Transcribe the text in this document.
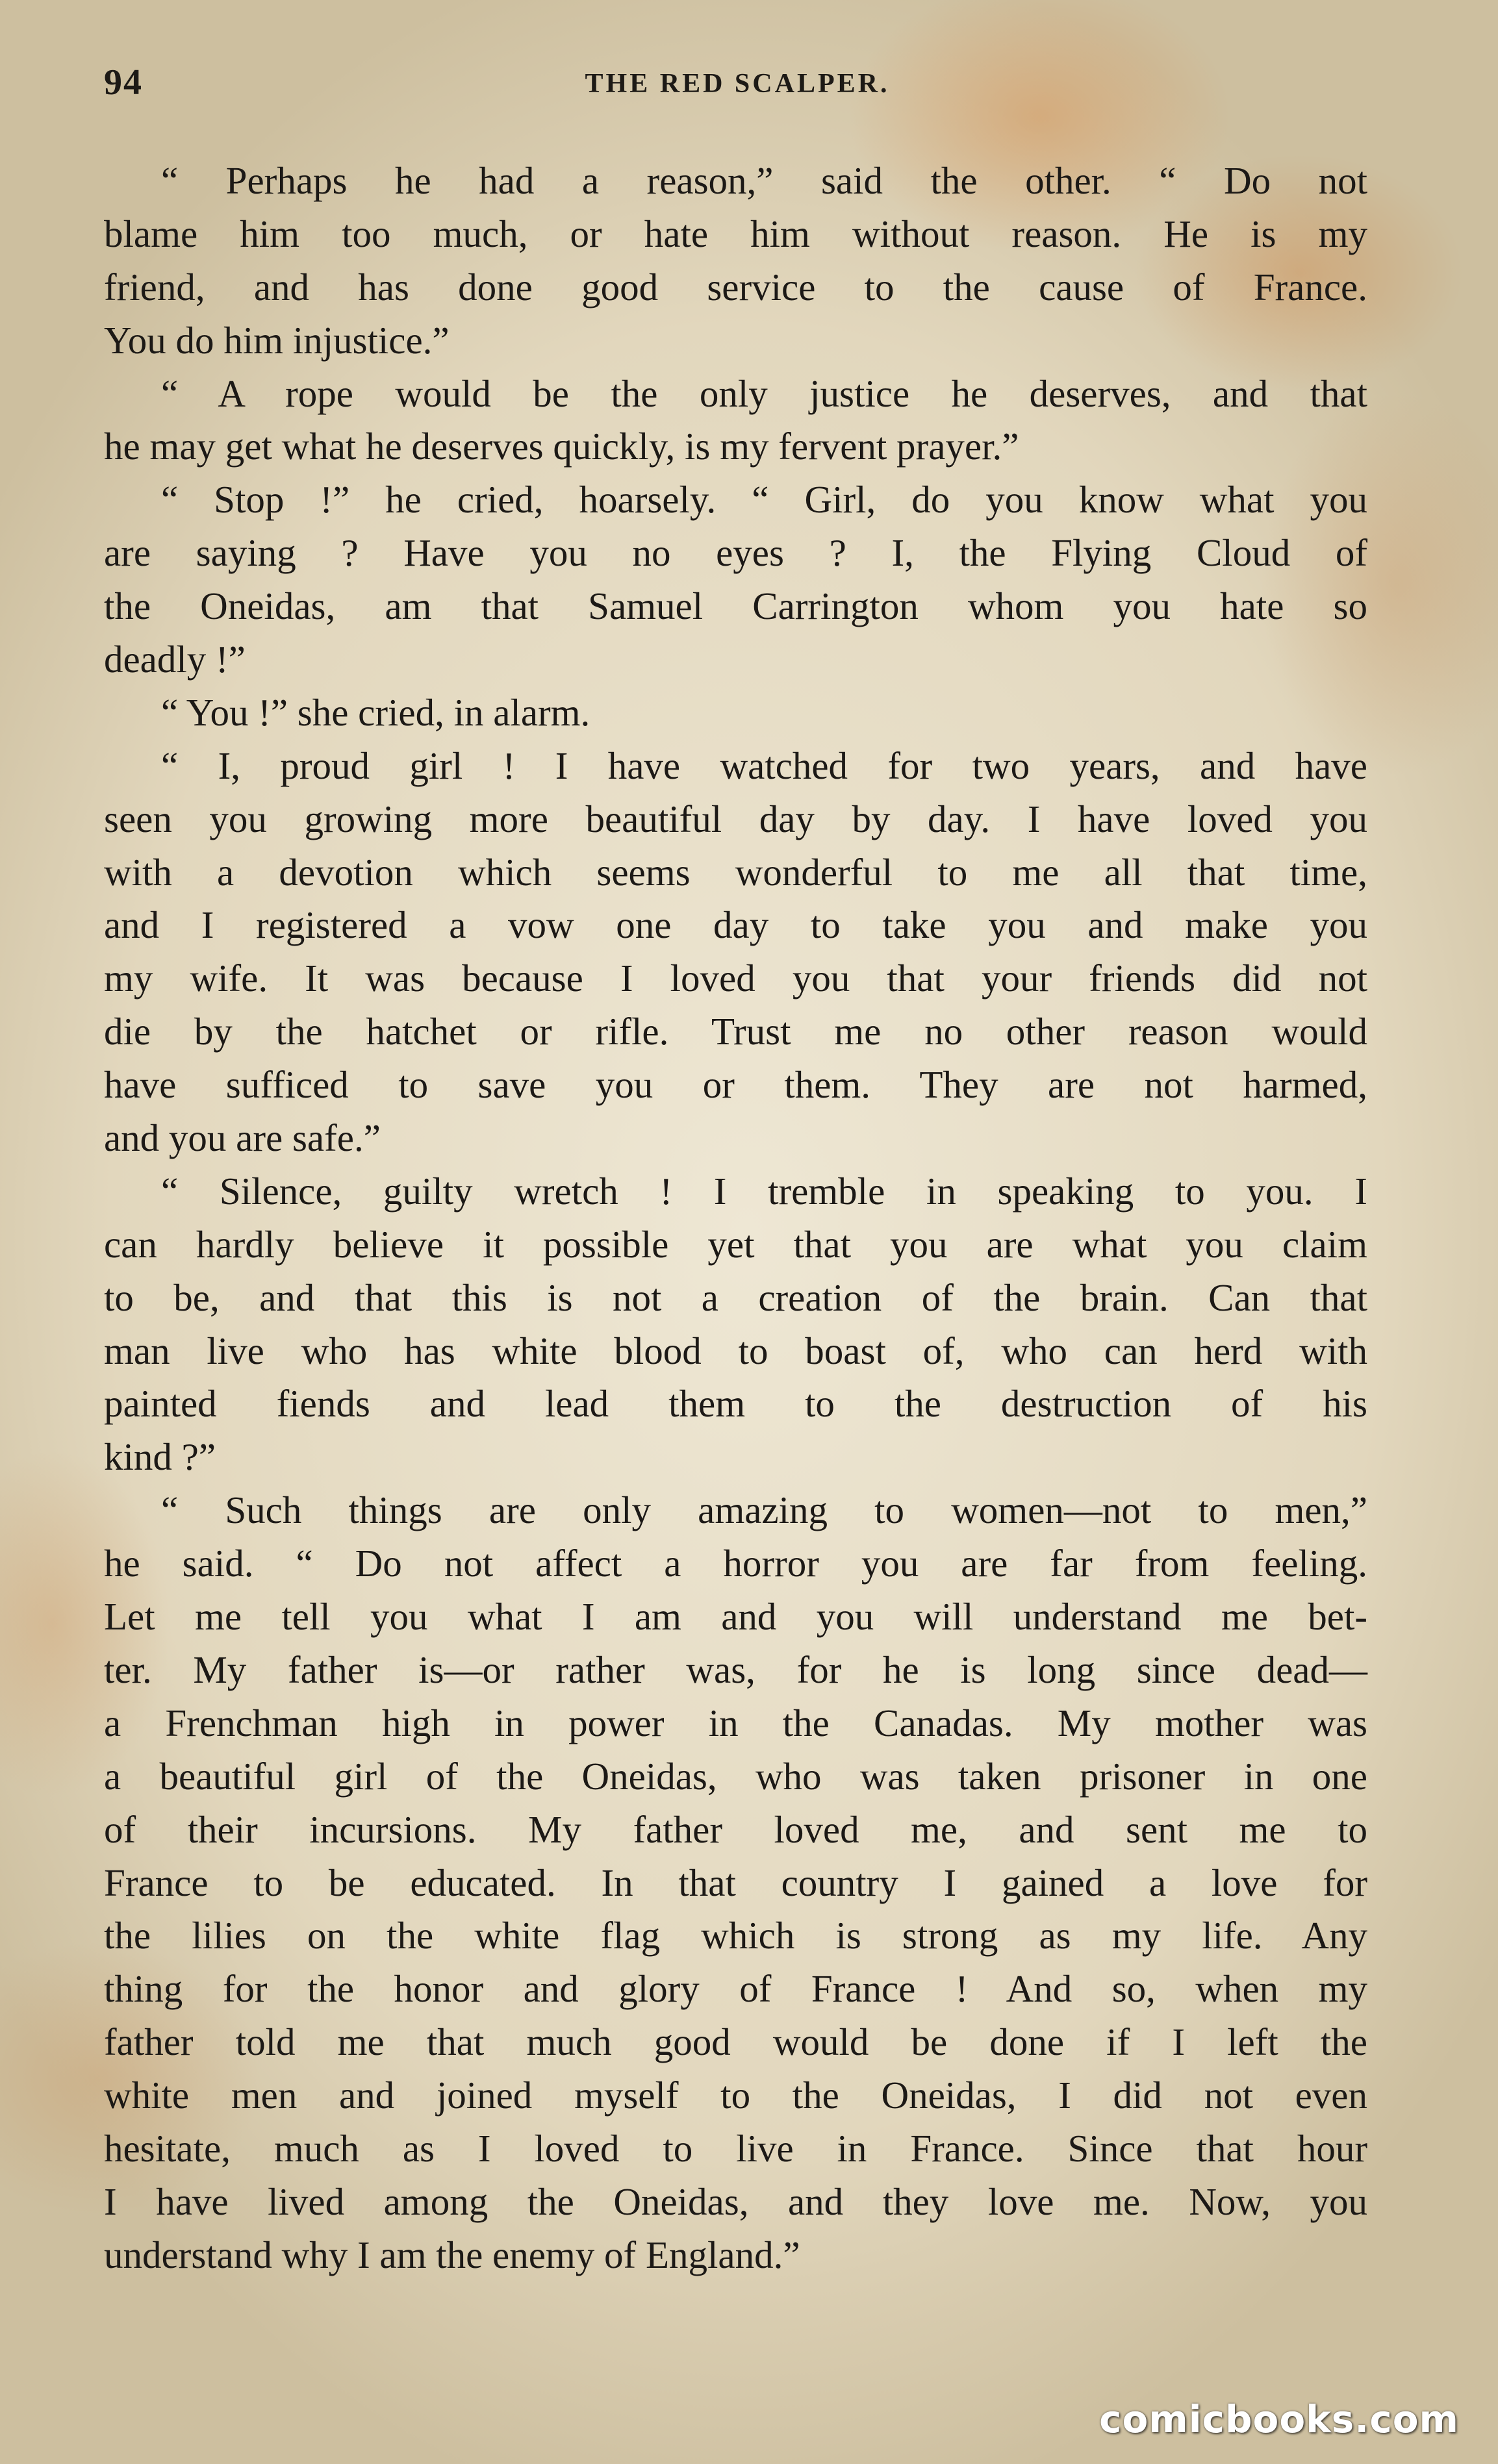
94	THE RED SCALPER.
“ Perhaps he had a reason,” said the other. “ Do not
blame him too much, or hate him without reason. He is my
friend, and has done good service to the cause of France.
You do him injustice.”
“ A rope would be the only justice he deserves, and that
he may get what he deserves quickly, is my fervent prayer.”
“ Stop !” he cried, hoarsely. “ Girl, do you know what you
are saying ? Have you no eyes ? I, the Flying Cloud of
the Oneidas, am that Samuel Carrington whom you hate so
deadly !”
“ You !” she cried, in alarm.
“ I, proud girl ! I have watched for two years, and have
seen you growing more beautiful day by day. I have loved you
with a devotion which seems wonderful to me all that time,
and I registered a vow one day to take you and make you
my wife. It was because I loved you that your friends did not
die by the hatchet or rifle. Trust me no other reason would
have sufficed to save you or them. They are not harmed,
and you are safe.”
“ Silence, guilty wretch ! I tremble in speaking to you. I
can hardly believe it possible yet that you are what you claim
to be, and that this is not a creation of the brain. Can that
man live who has white blood to boast of, who can herd with
painted fiends and lead them to the destruction of his
kind ?”
“ Such things are only amazing to women—not to men,”
he said. “ Do not affect a horror you are far from feeling.
Let me tell you what I am and you will understand me bet-
ter. My father is—or rather was, for he is long since dead—
a Frenchman high in power in the Canadas. My mother was
a beautiful girl of the Oneidas, who was taken prisoner in one
of their incursions. My father loved me, and sent me to
France to be educated. In that country I gained a love for
the lilies on the white flag which is strong as my life. Any
thing for the honor and glory of France ! And so, when my
father told me that much good would be done if I left the
white men and joined myself to the Oneidas, I did not even
hesitate, much as I loved to live in France. Since that hour
I have lived among the Oneidas, and they love me. Now, you
understand why I am the enemy of England.”
comicbooks.com
